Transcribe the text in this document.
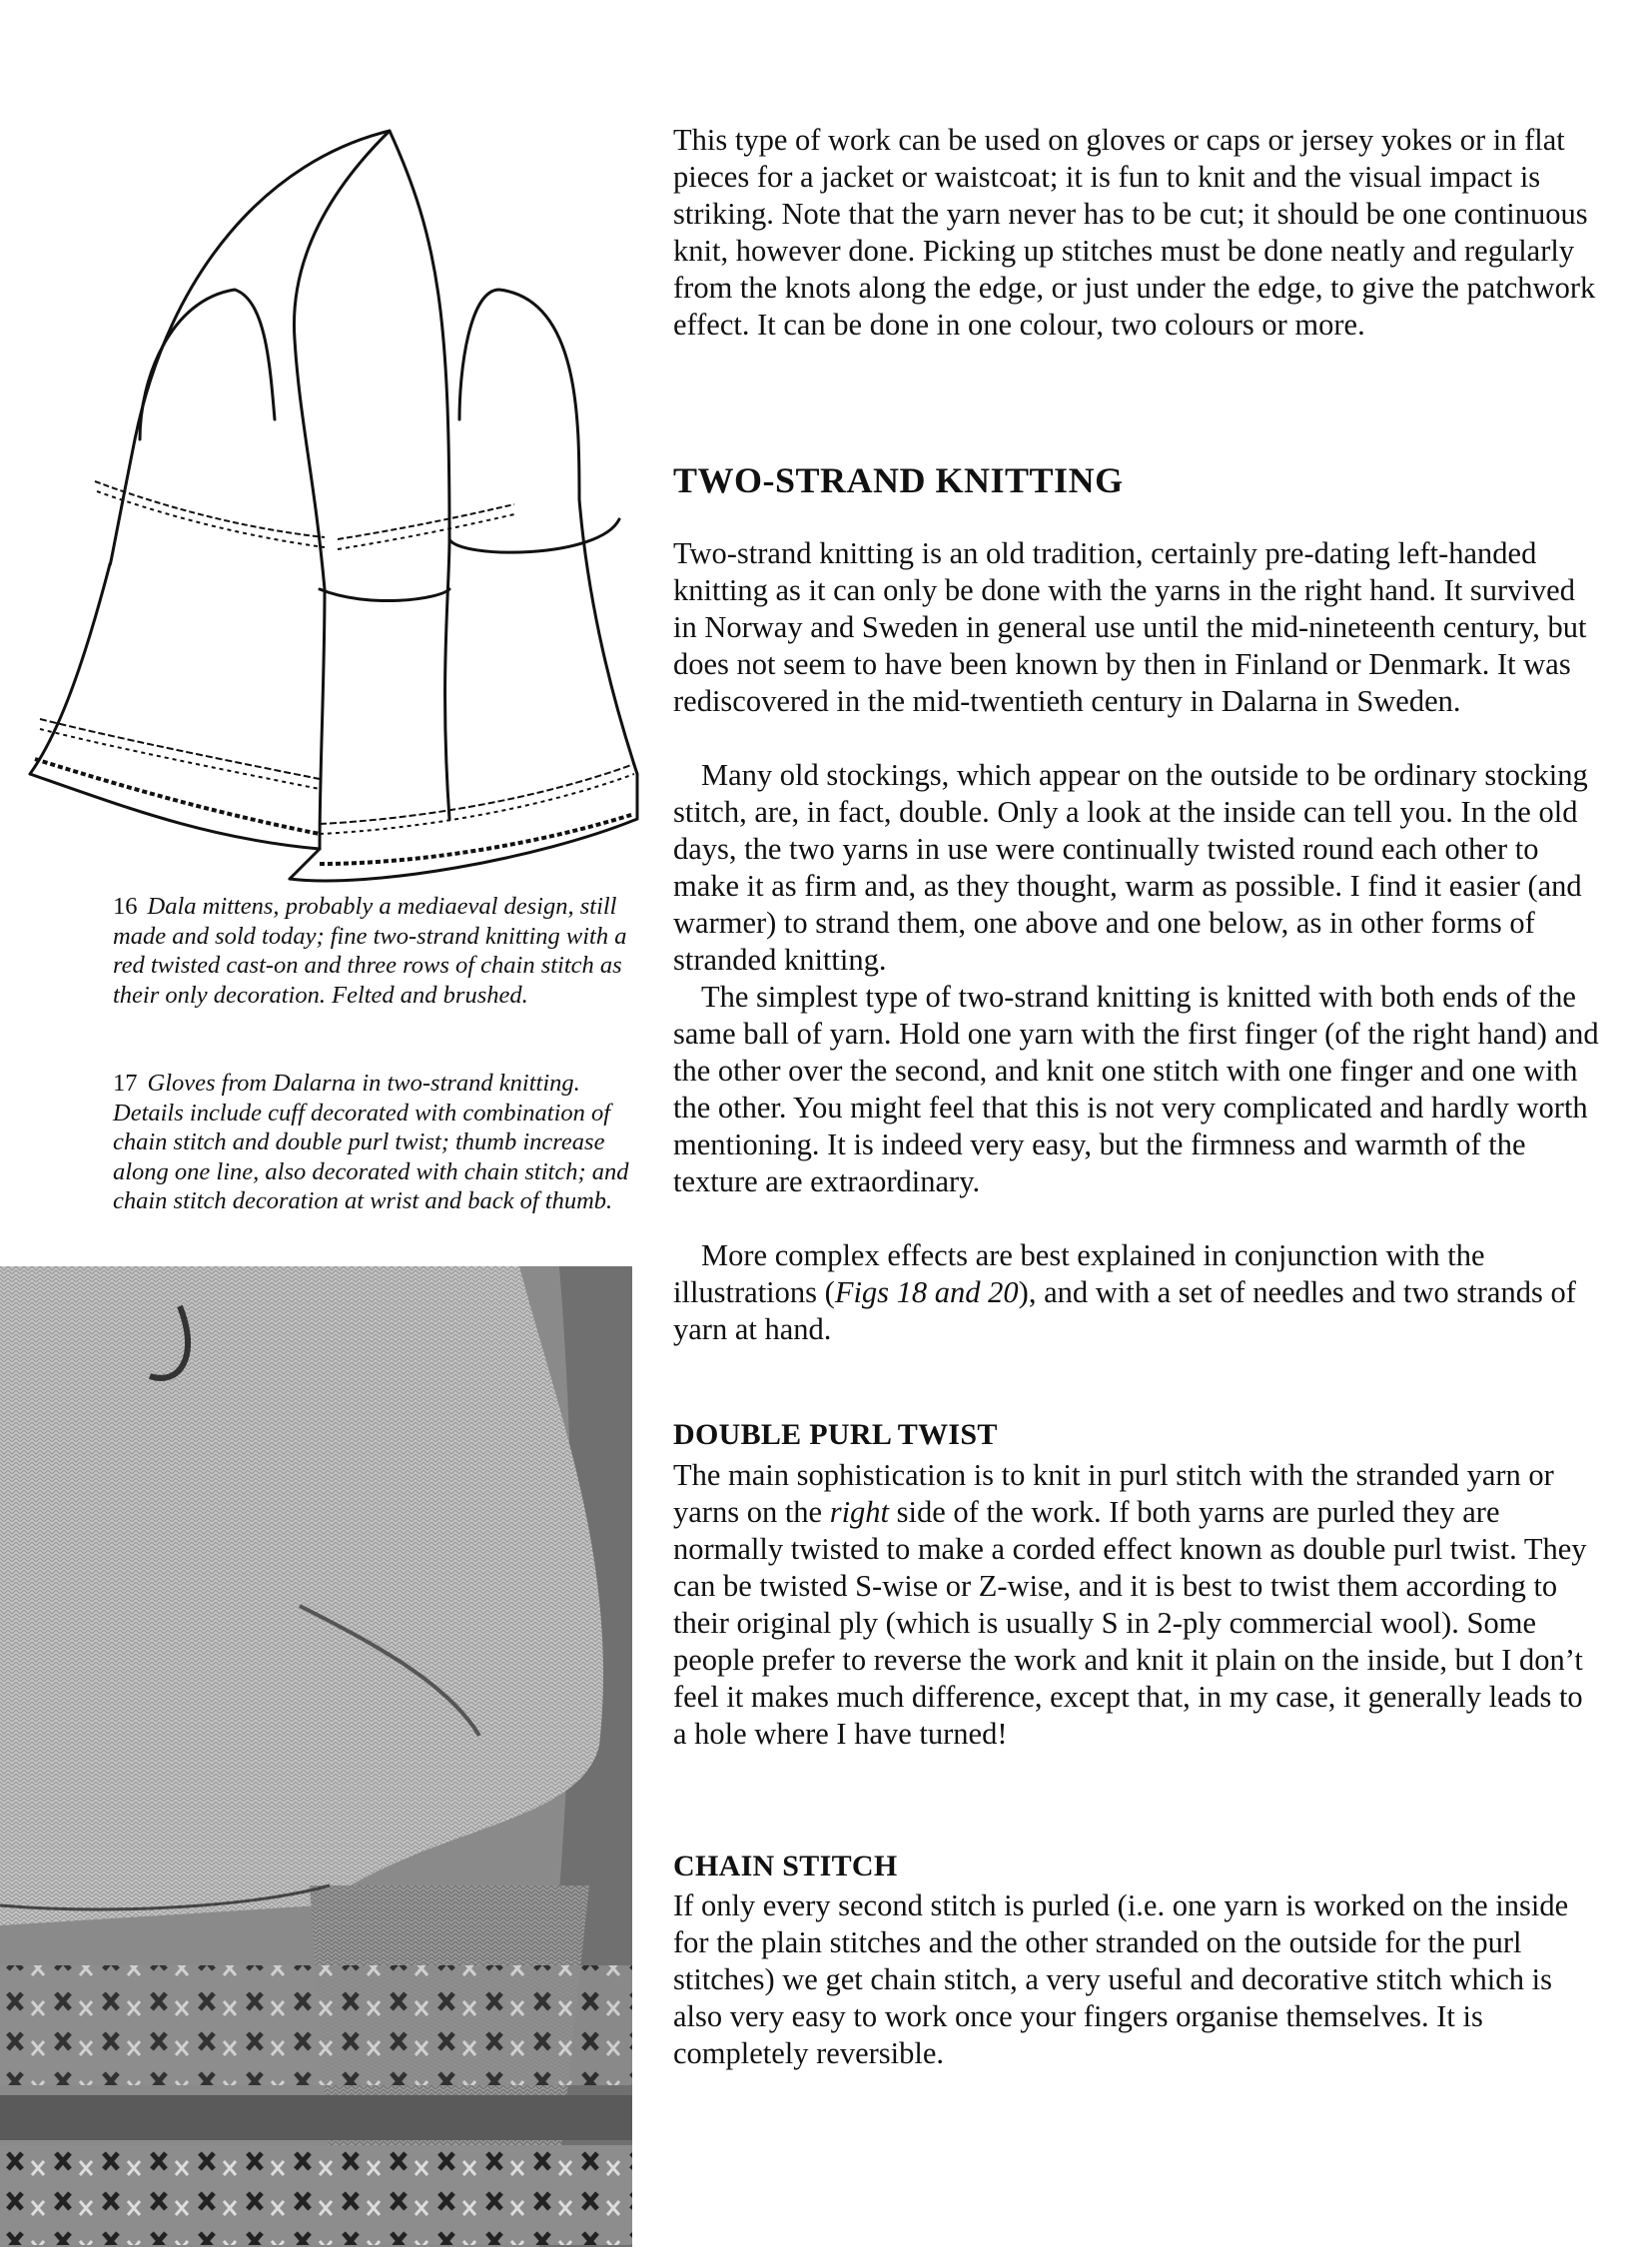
16 Dala mittens, probably a mediaeval design, still made and sold today; fine two-strand knitting with a red twisted cast-on and three rows of chain stitch as their only decoration. Felted and brushed.

17 Gloves from Dalarna in two-strand knitting. Details include cuff decorated with combination of chain stitch and double purl twist; thumb increase along one line, also decorated with chain stitch; and chain stitch decoration at wrist and back of thumb.

This type of work can be used on gloves or caps or jersey yokes or in flat pieces for a jacket or waistcoat; it is fun to knit and the visual impact is striking. Note that the yarn never has to be cut; it should be one continuous knit, however done. Picking up stitches must be done neatly and regularly from the knots along the edge, or just under the edge, to give the patchwork effect. It can be done in one colour, two colours or more.

TWO-STRAND KNITTING

Two-strand knitting is an old tradition, certainly pre-dating left-handed knitting as it can only be done with the yarns in the right hand. It survived in Norway and Sweden in general use until the mid-nineteenth century, but does not seem to have been known by then in Finland or Denmark. It was rediscovered in the mid-twentieth century in Dalarna in Sweden.

Many old stockings, which appear on the outside to be ordinary stocking stitch, are, in fact, double. Only a look at the inside can tell you. In the old days, the two yarns in use were continually twisted round each other to make it as firm and, as they thought, warm as possible. I find it easier (and warmer) to strand them, one above and one below, as in other forms of stranded knitting.

The simplest type of two-strand knitting is knitted with both ends of the same ball of yarn. Hold one yarn with the first finger (of the right hand) and the other over the second, and knit one stitch with one finger and one with the other. You might feel that this is not very complicated and hardly worth mentioning. It is indeed very easy, but the firmness and warmth of the texture are extraordinary.

More complex effects are best explained in conjunction with the illustrations (Figs 18 and 20), and with a set of needles and two strands of yarn at hand.

DOUBLE PURL TWIST

The main sophistication is to knit in purl stitch with the stranded yarn or yarns on the right side of the work. If both yarns are purled they are normally twisted to make a corded effect known as double purl twist. They can be twisted S-wise or Z-wise, and it is best to twist them according to their original ply (which is usually S in 2-ply commercial wool). Some people prefer to reverse the work and knit it plain on the inside, but I don’t feel it makes much difference, except that, in my case, it generally leads to a hole where I have turned!

CHAIN STITCH

If only every second stitch is purled (i.e. one yarn is worked on the inside for the plain stitches and the other stranded on the outside for the purl stitches) we get chain stitch, a very useful and decorative stitch which is also very easy to work once your fingers organise themselves. It is completely reversible.
